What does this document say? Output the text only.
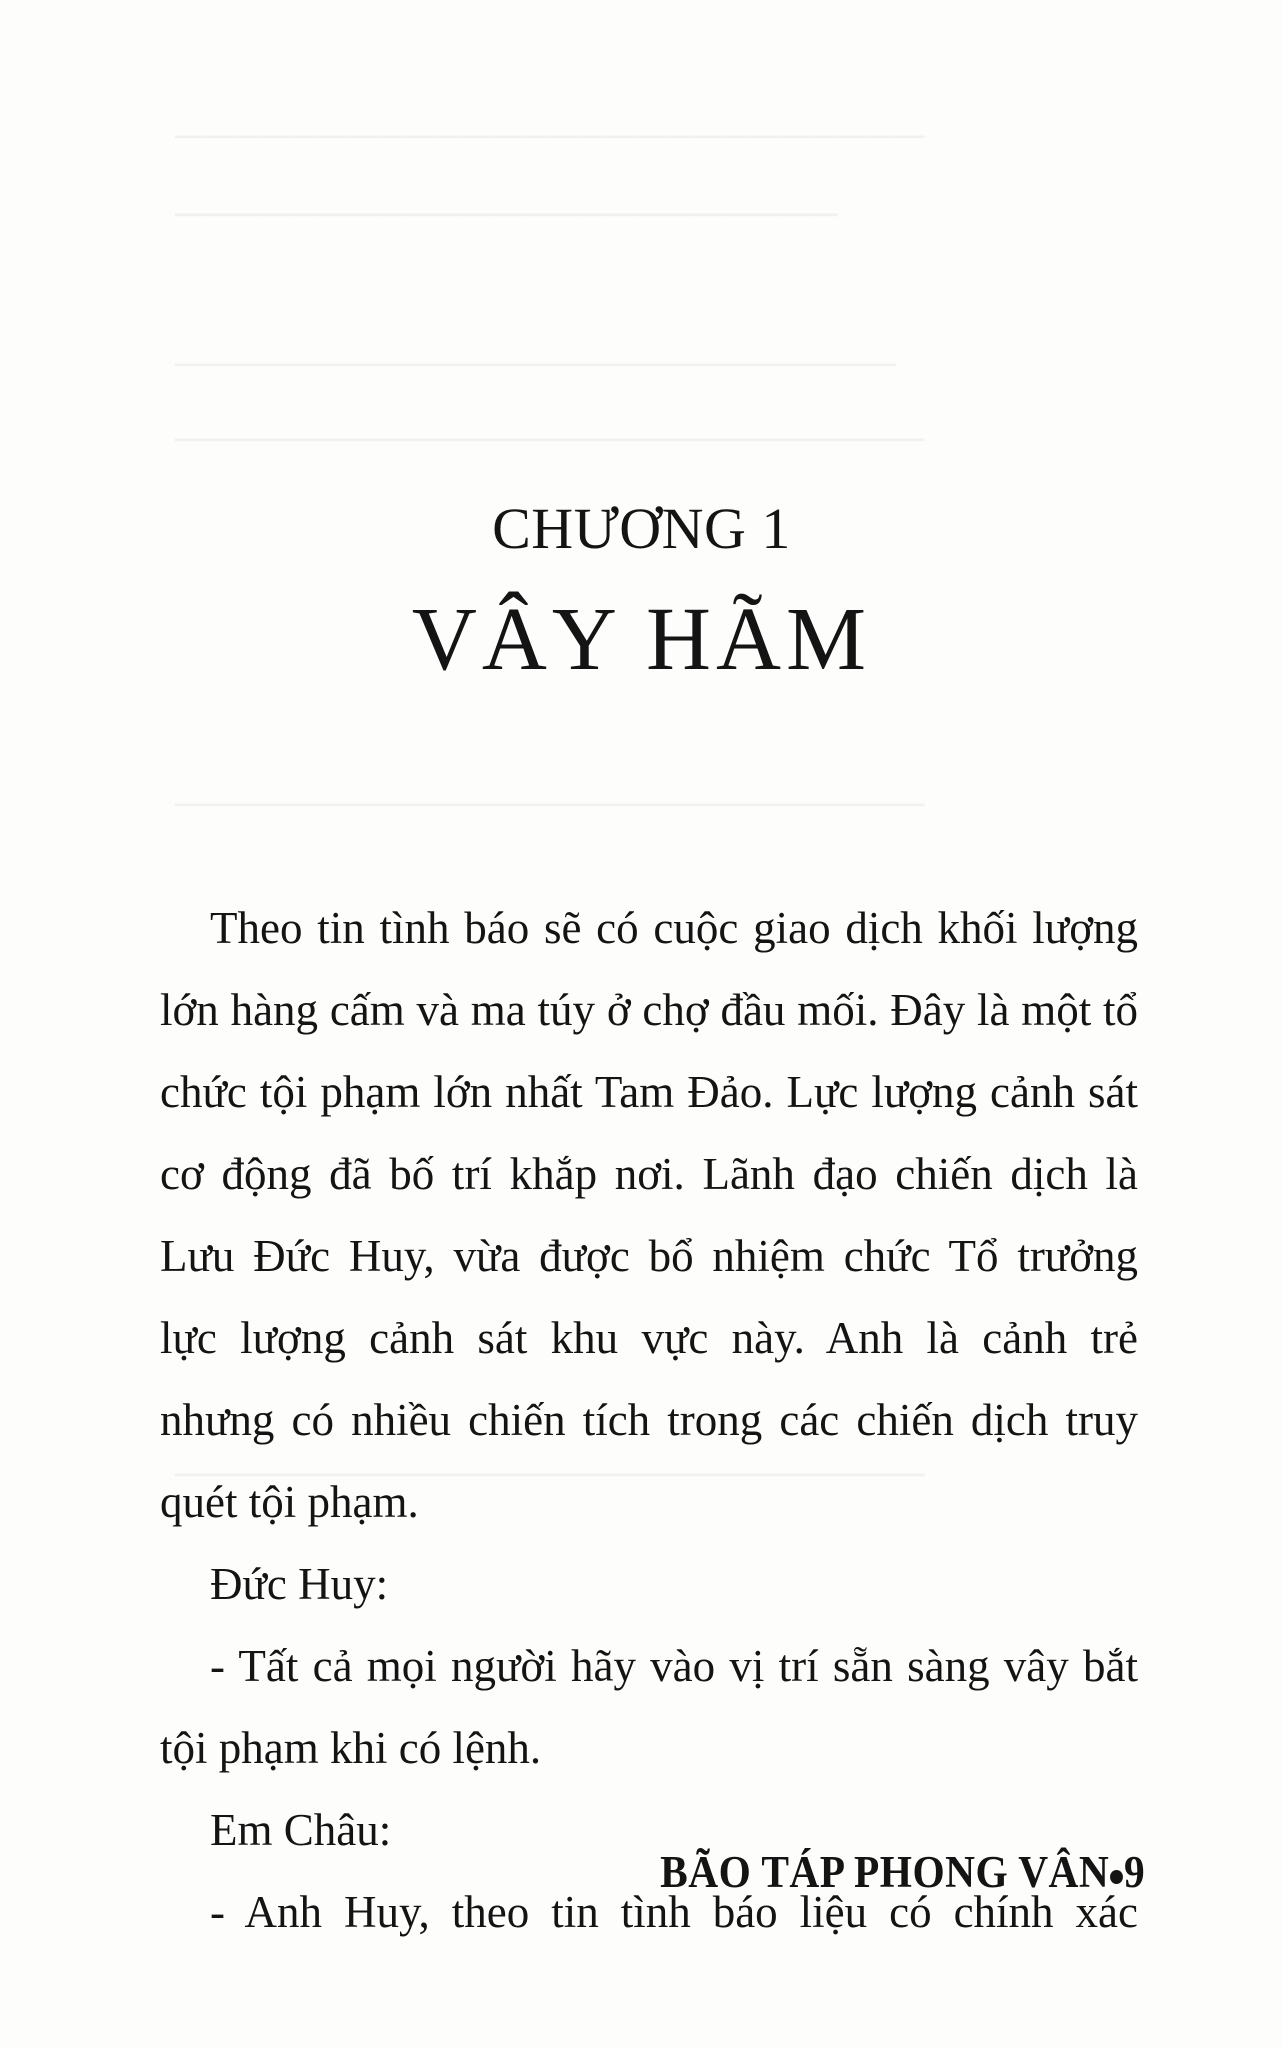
CHƯƠNG 1
VÂY HÃM

Theo tin tình báo sẽ có cuộc giao dịch khối lượng lớn hàng cấm và ma túy ở chợ đầu mối. Đây là một tổ chức tội phạm lớn nhất Tam Đảo. Lực lượng cảnh sát cơ động đã bố trí khắp nơi. Lãnh đạo chiến dịch là Lưu Đức Huy, vừa được bổ nhiệm chức Tổ trưởng lực lượng cảnh sát khu vực này. Anh là cảnh trẻ nhưng có nhiều chiến tích trong các chiến dịch truy quét tội phạm.

Đức Huy:

- Tất cả mọi người hãy vào vị trí sẵn sàng vây bắt tội phạm khi có lệnh.

Em Châu:

- Anh Huy, theo tin tình báo liệu có chính xác

BÃO TÁP PHONG VÂN 9
